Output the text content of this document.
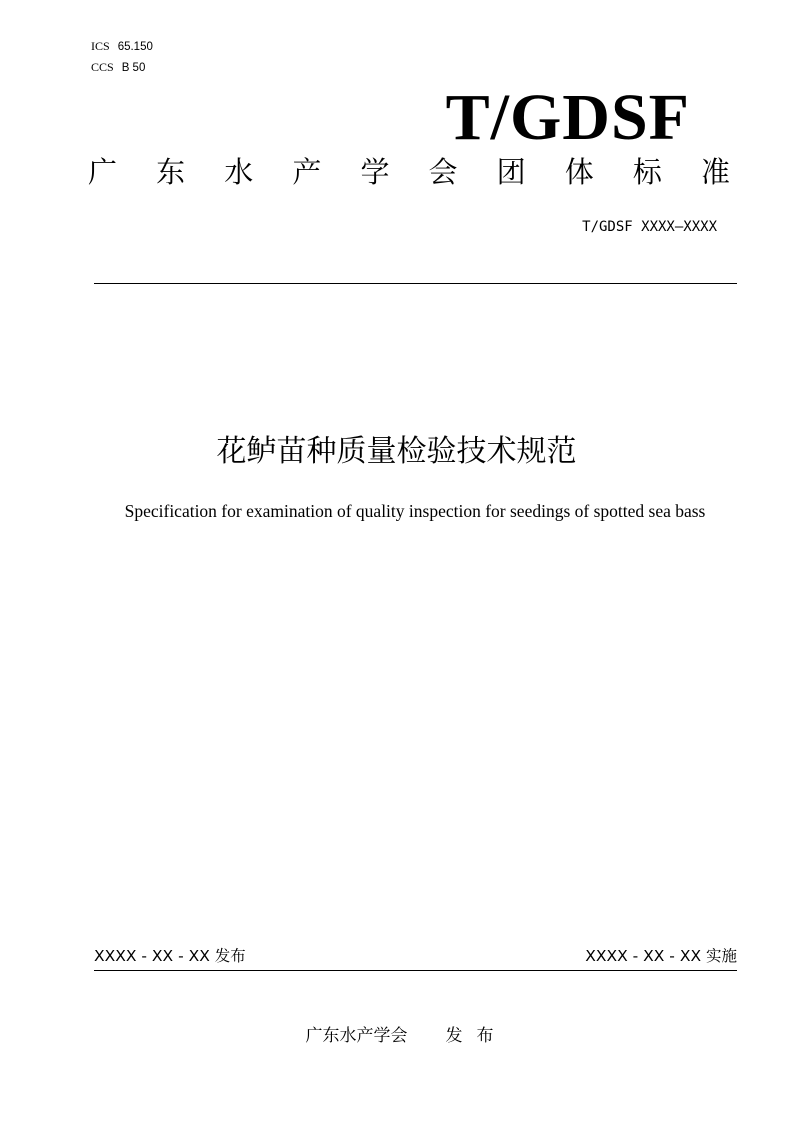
ICS 65.150
CCS B 50
T/GDSF
广 东 水 产 学 会 团 体 标 准
T/GDSF XXXX—XXXX
花鲈苗种质量检验技术规范
Specification for examination of quality inspection for seedings of spotted sea bass
XXXX - XX - XX 发布	XXXX - XX - XX 实施
广东水产学会 发布
